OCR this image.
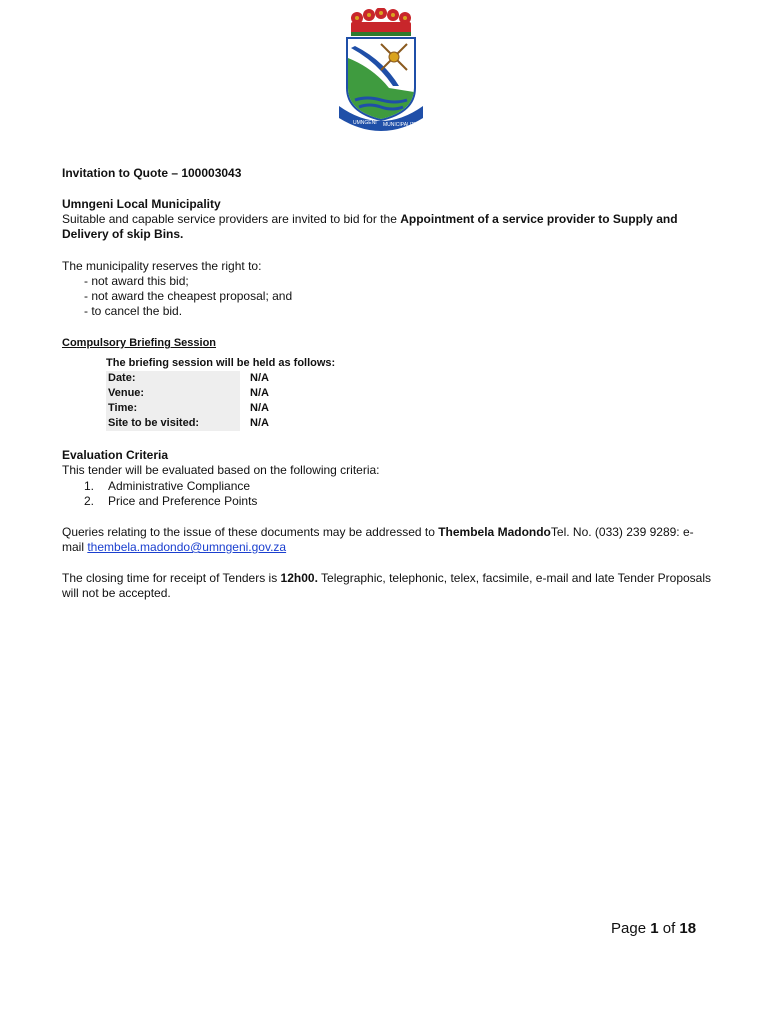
UMNGENI MUNICIPALITY
Invitation to Quote – 100003043
Umngeni Local Municipality
Suitable and capable service providers are invited to bid for the Appointment of a service provider to Supply and
Delivery of skip Bins.
The municipality reserves the right to:
- not award this bid;
- not award the cheapest proposal; and
- to cancel the bid.
Compulsory Briefing Session
The briefing session will be held as follows:
Date:	N/A
Venue:	N/A
Time:	N/A
Site to be visited:	N/A
Evaluation Criteria
This tender will be evaluated based on the following criteria:
1.	Administrative Compliance
2.	Price and Preference Points
Queries relating to the issue of these documents may be addressed to Thembela MadondoTel. No. (033) 239 9289: e-
mail thembela.madondo@umngeni.gov.za
The closing time for receipt of Tenders is 12h00. Telegraphic, telephonic, telex, facsimile, e-mail and late Tender Proposals
will not be accepted.
Page 1 of 18
